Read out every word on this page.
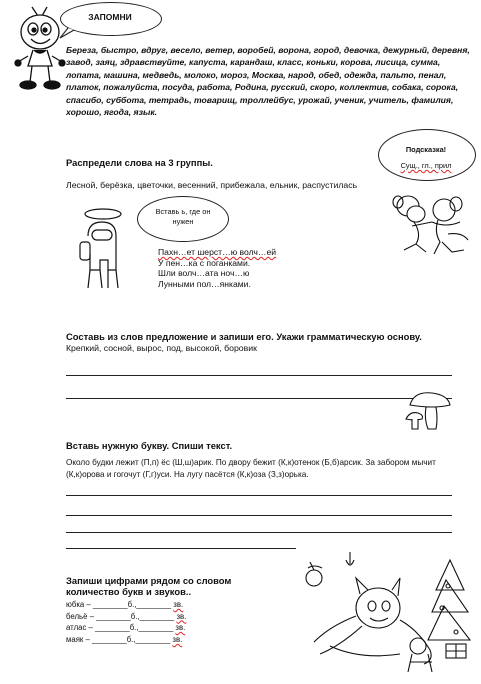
ЗАПОМНИ
Береза, быстро, вдруг, весело, ветер, воробей, ворона, город, девочка, дежурный, деревня, завод, заяц, здравствуйте, капуста, карандаш, класс, коньки, корова, лисица, сумма, лопата, машина, медведь, молоко, мороз, Москва, народ, обед, одежда, пальто, пенал, платок, пожалуйста, посуда, работа, Родина, русский, скоро, коллектив, собака, сорока, спасибо, суббота, тетрадь, товарищ, троллейбус, урожай, ученик, учитель, фамилия, хорошо, ягода, язык.
Подсказка!
Сущ., гл., прил
Распредели слова на 3 группы.
Лесной, берёзка, цветочки, весенний, прибежала, ельник, распустилась
Вставь ь, где он нужен
Пахн…ет шерст…ю волч…ей
У пен…ка с поганками.
Шли волч…ата ноч…ю
Лунными пол…янками.
Составь из слов предложение и запиши его. Укажи грамматическую основу.
Крепкий, сосной, вырос, под, высокой, боровик
Вставь нужную букву. Спиши текст.
Около будки лежит (П,п) ёс (Ш,ш)арик. По двору бежит (К,к)отенок (Б,б)арсик. За забором мычит (К,к)орова и гогочут (Г,г)уси. На лугу пасётся (К,к)оза (З,з)орька.
Запиши цифрами рядом со словом количество букв и звуков..
юбка – ________б.,________ зв.
бельё – ________б.,________ зв.
атлас – ________б.,________ зв.
маяк – ________б.,________ зв.
